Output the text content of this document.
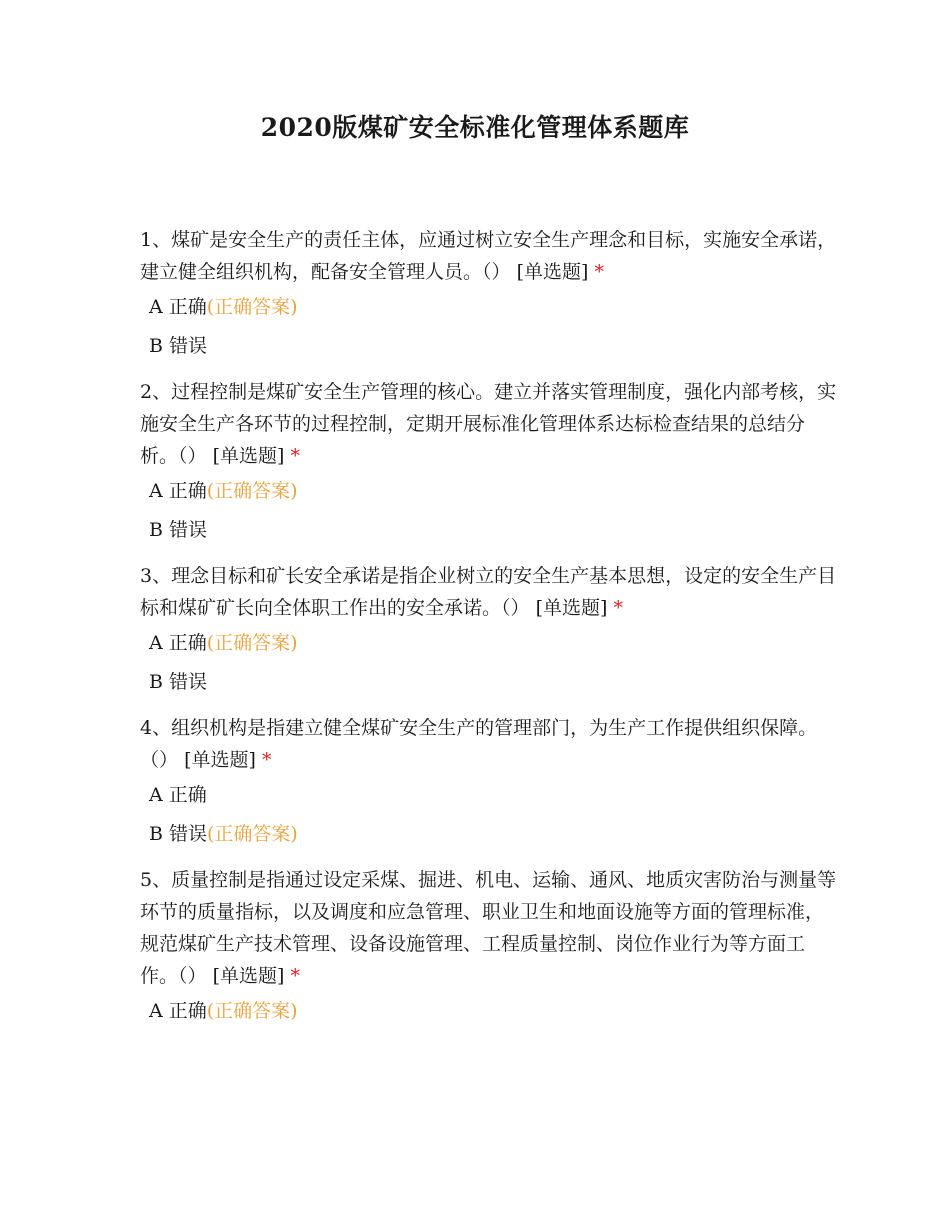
2020版煤矿安全标准化管理体系题库

1、煤矿是安全生产的责任主体，应通过树立安全生产理念和目标，实施安全承诺，建立健全组织机构，配备安全管理人员。（） [单选题] *

A 正确(正确答案)
B 错误

2、过程控制是煤矿安全生产管理的核心。建立并落实管理制度，强化内部考核，实施安全生产各环节的过程控制，定期开展标准化管理体系达标检查结果的总结分析。（） [单选题] *

A 正确(正确答案)
B 错误

3、理念目标和矿长安全承诺是指企业树立的安全生产基本思想，设定的安全生产目标和煤矿矿长向全体职工作出的安全承诺。（） [单选题] *

A 正确(正确答案)
B 错误

4、组织机构是指建立健全煤矿安全生产的管理部门，为生产工作提供组织保障。（） [单选题] *

A 正确
B 错误(正确答案)

5、质量控制是指通过设定采煤、掘进、机电、运输、通风、地质灾害防治与测量等环节的质量指标，以及调度和应急管理、职业卫生和地面设施等方面的管理标准，规范煤矿生产技术管理、设备设施管理、工程质量控制、岗位作业行为等方面工作。（） [单选题] *

A 正确(正确答案)
